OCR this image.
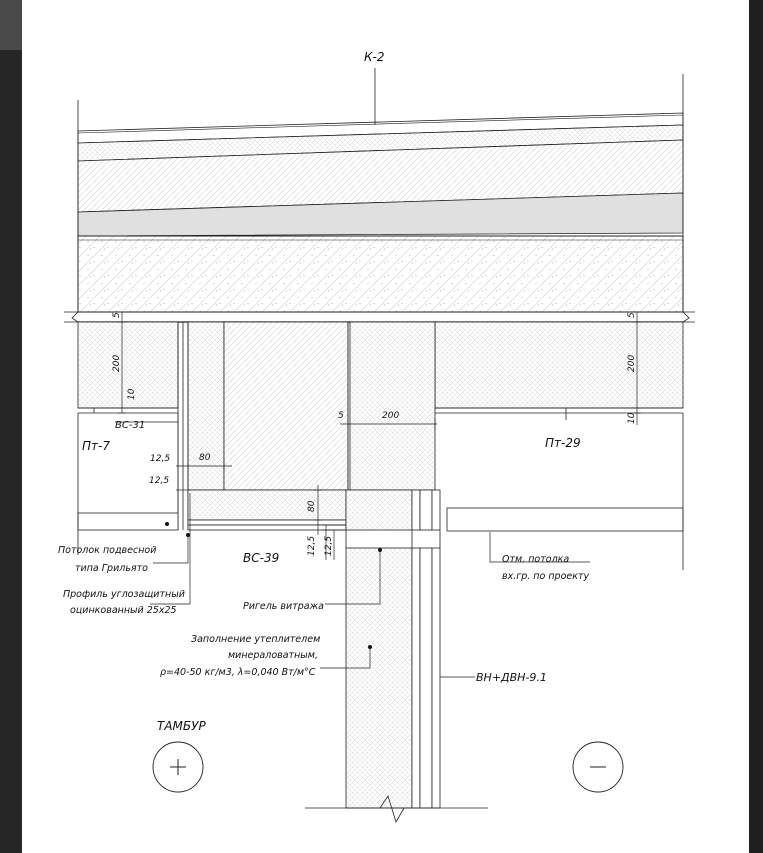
К-2
Пт-7	Пт-29
ВС-31
ВС-39
Потолок подвесной
типа Грильято
Профиль углозащитный
оцинкованный 25x25	Ригель витража
Заполнение утеплителем
минераловатным,
ρ=40-50 кг/м3, λ=0,040 Вт/м°С
Отм. потолка
вх.гр. по проекту
ВН+ДВН-9.1
ТАМБУР
5
200
10
5
200
10
5	200
80
12,5
12,5
80
12,5 12,5
